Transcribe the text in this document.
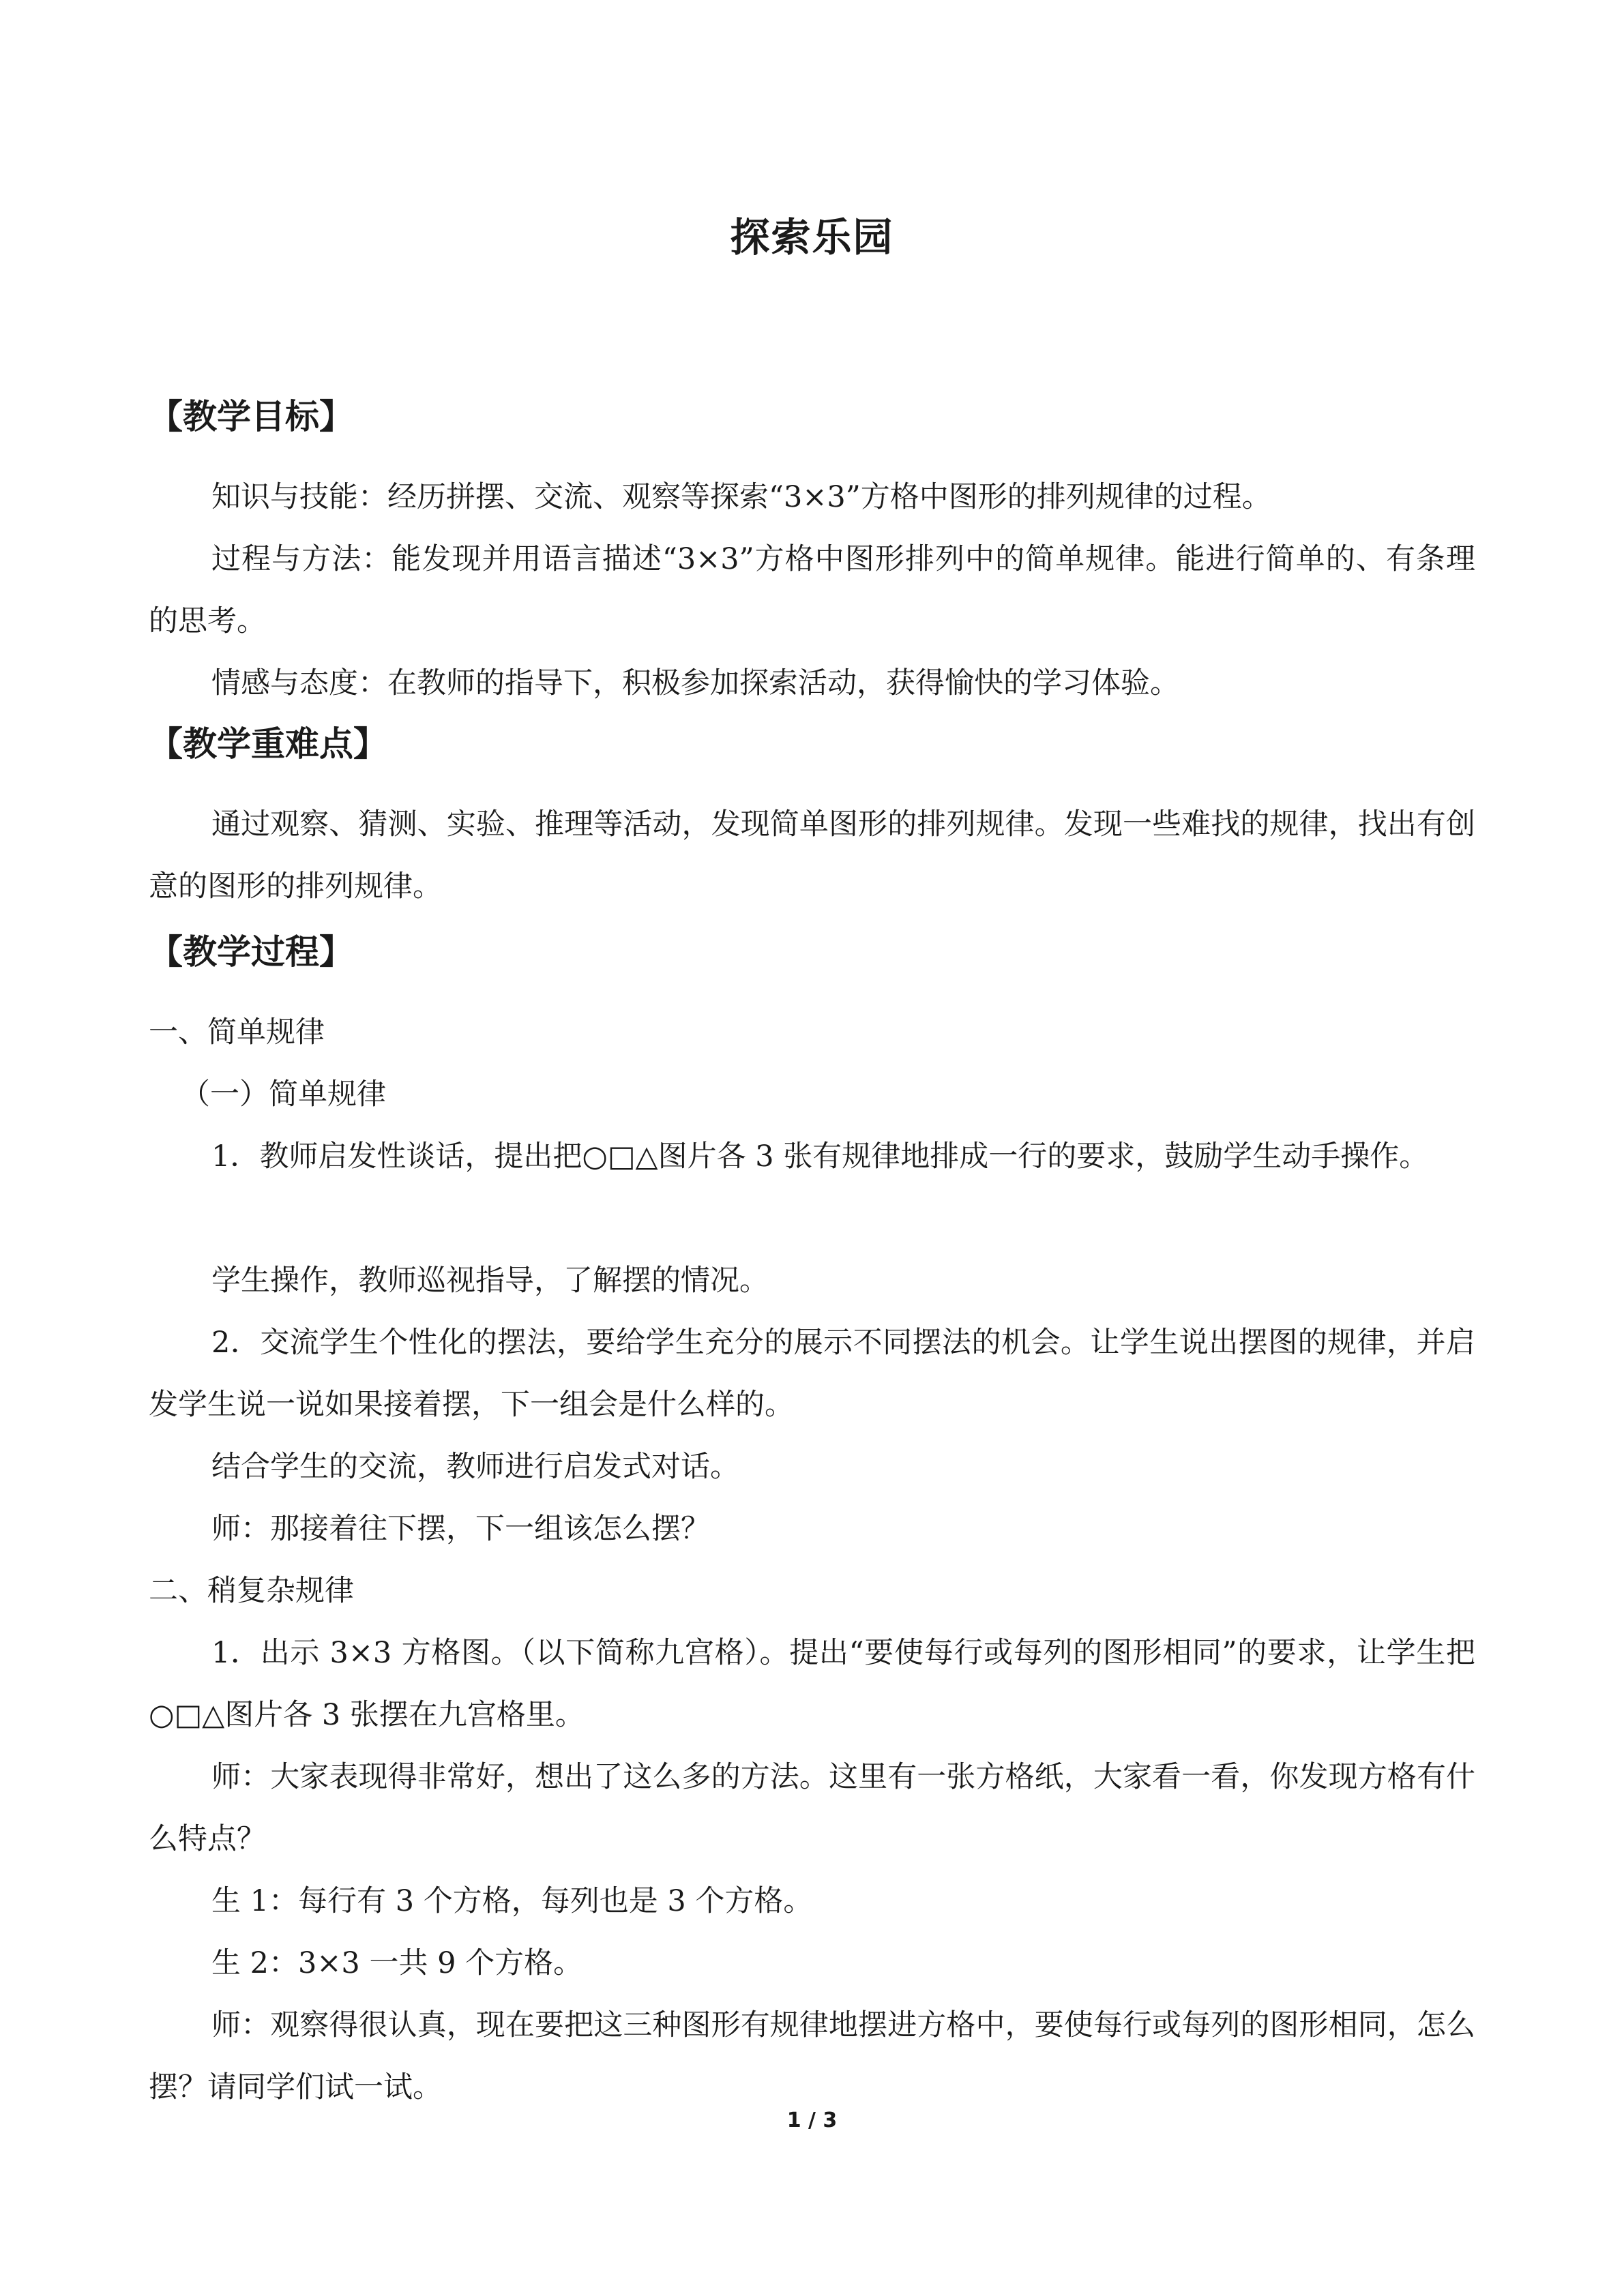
探索乐园
【教学目标】

知识与技能：经历拼摆、交流、观察等探索“3×3”方格中图形的排列规律的过程。

过程与方法：能发现并用语言描述“3×3”方格中图形排列中的简单规律。能进行简单的、有条理的思考。

情感与态度：在教师的指导下，积极参加探索活动，获得愉快的学习体验。

【教学重难点】

通过观察、猜测、实验、推理等活动，发现简单图形的排列规律。发现一些难找的规律，找出有创意的图形的排列规律。

【教学过程】

一、简单规律

（一）简单规律

1．教师启发性谈话，提出把○□△图片各 3 张有规律地排成一行的要求，鼓励学生动手操作。

学生操作，教师巡视指导，了解摆的情况。

2．交流学生个性化的摆法，要给学生充分的展示不同摆法的机会。让学生说出摆图的规律，并启发学生说一说如果接着摆，下一组会是什么样的。

结合学生的交流，教师进行启发式对话。

师：那接着往下摆，下一组该怎么摆？

二、稍复杂规律

1．出示 3×3 方格图。（以下简称九宫格）。提出“要使每行或每列的图形相同”的要求，让学生把○□△图片各 3 张摆在九宫格里。

师：大家表现得非常好，想出了这么多的方法。这里有一张方格纸，大家看一看，你发现方格有什么特点？

生 1：每行有 3 个方格，每列也是 3 个方格。

生 2：3×3 一共 9 个方格。

师：观察得很认真，现在要把这三种图形有规律地摆进方格中，要使每行或每列的图形相同，怎么摆？请同学们试一试。

1 / 3
